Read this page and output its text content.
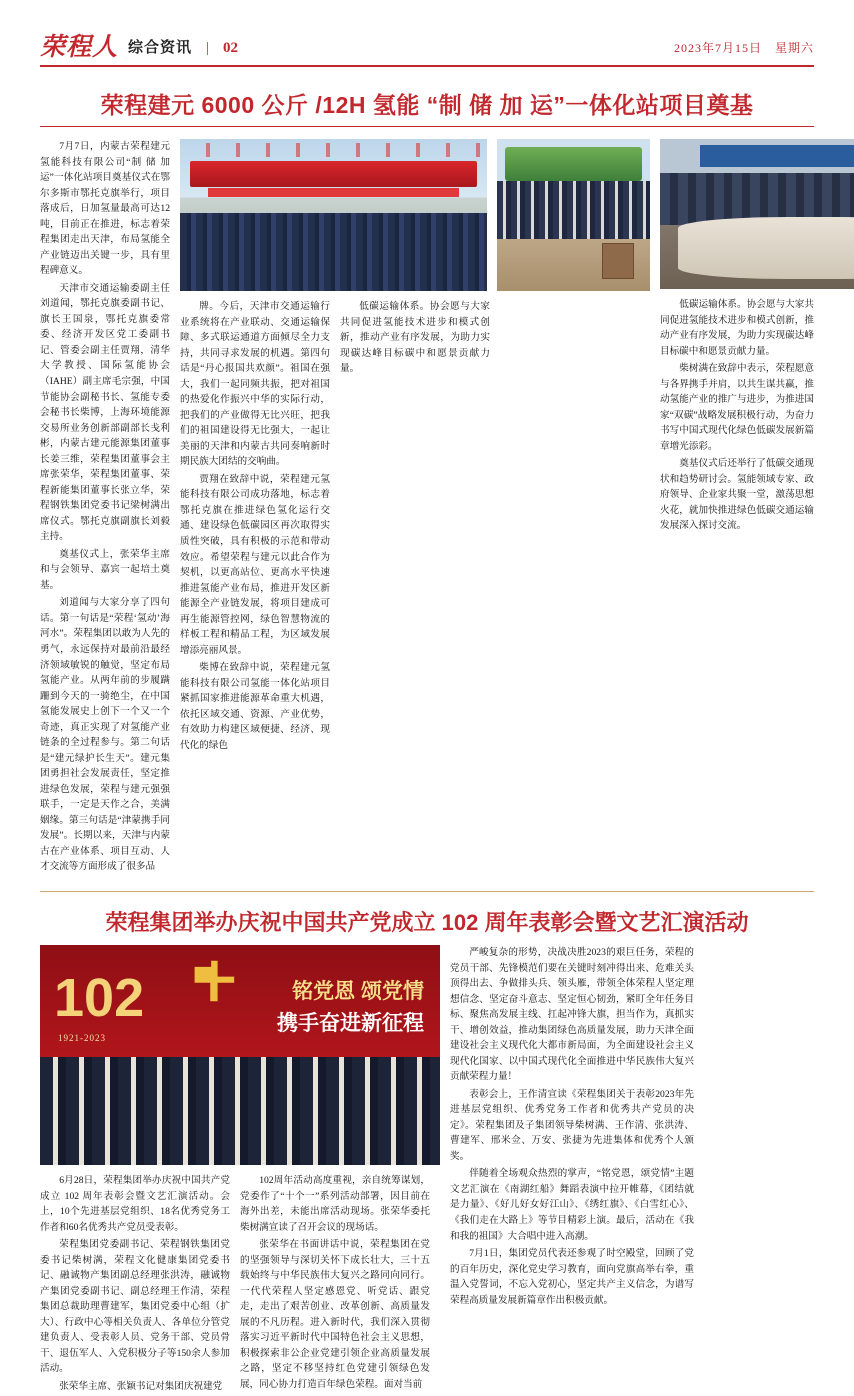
荣程人 综合资讯 | 02	2023年7月15日　星期六
荣程建元 6000 公斤 /12H 氢能 “制 储 加 运”一体化站项目奠基

7月7日，内蒙古荣程建元氢能科技有限公司“制 储 加 运”一体化站项目奠基仪式在鄂尔多斯市鄂托克旗举行，项目落成后，日加氢量最高可达12吨，目前正在推进，标志着荣程集团走出天津，布局氢能全产业链迈出关键一步，具有里程碑意义。

天津市交通运输委副主任刘道闻，鄂托克旗委副书记、旗长王国泉，鄂托克旗委常委、经济开发区党工委副书记、管委会副主任贾翔，清华大学教授、国际氢能协会（IAHE）副主席毛宗强，中国节能协会副秘书长、氢能专委会秘书长柴博，上海环境能源交易所业务创新部副部长戋利彬，内蒙古建元能源集团董事长姜三维，荣程集团董事会主席张荣华，荣程集团董事、荣程新能集团董事长张立华，荣程钢铁集团党委书记梁树满出席仪式。鄂托克旗副旗长刘毅主持。

奠基仪式上，张荣华主席和与会领导、嘉宾一起培土奠基。

刘道闻与大家分享了四句话。第一句话是“荣程‘氢动’海河水”。荣程集团以敢为人先的勇气，永远保持对最前沿最经济领域敏锐的触觉，坚定布局氢能产业。从两年前的步履蹒跚到今天的一骑绝尘，在中国氢能发展史上创下一个又一个奇迹，真正实现了对氢能产业链条的全过程参与。第二句话是“建元绿护长生天”。建元集团勇担社会发展责任，坚定推进绿色发展，荣程与建元强强联手，一定是天作之合，美满姻缘。第三句话是“津蒙携手同发展”。长期以来，天津与内蒙古在产业体系、项目互动、人才交流等方面形成了很多品

牌。今后，天津市交通运输行业系统将在产业联动、交通运输保障、多式联运通道方面倾尽全力支持，共同寻求发展的机遇。第四句话是“丹心报国共欢颜”。祖国在强大，我们一起同频共振，把对祖国的热爱化作振兴中华的实际行动，把我们的产业做得无比兴旺，把我们的祖国建设得无比强大，一起让美丽的天津和内蒙古共同奏响新时期民族大团结的交响曲。

贾翔在致辞中说，荣程建元氢能科技有限公司成功落地，标志着鄂托克旗在推进绿色氢化运行交通、建设绿色低碳园区再次取得实质性突破，具有积极的示范和带动效应。希望荣程与建元以此合作为契机，以更高站位、更高水平快速推进氢能产业布局，推进开发区新能源全产业链发展，将项目建成可再生能源管控网，绿色智慧物流的样板工程和精品工程，为区域发展增添亮丽风景。

柴博在致辞中说，荣程建元氢能科技有限公司氢能一体化站项目紧抓国家推进能源革命重大机遇，依托区域交通、资源、产业优势，有效助力构建区域便捷、经济、现代化的绿色

低碳运输体系。协会愿与大家共同促进氢能技术进步和模式创新，推动产业有序发展，为助力实现碳达峰目标碳中和愿景贡献力量。

低碳运输体系。协会愿与大家共同促进氢能技术进步和模式创新，推动产业有序发展，为助力实现碳达峰目标碳中和愿景贡献力量。

柴树满在致辞中表示，荣程愿意与各界携手并肩，以共生谋共赢，推动氢能产业的推广与进步，为推进国家“双碳”战略发展积极行动，为奋力书写中国式现代化绿色低碳发展新篇章增光添彩。

奠基仪式后还举行了低碳交通现状和趋势研讨会。氢能领域专家、政府领导、企业家共聚一堂，激荡思想火花，就加快推进绿色低碳交通运输发展深入探讨交流。

荣程集团举办庆祝中国共产党成立 102 周年表彰会暨文艺汇演活动
102
1921-2023
铭党恩 颂党情
携手奋进新征程

6月28日，荣程集团举办庆祝中国共产党成立 102 周年表彰会暨文艺汇演活动。会上，10个先进基层党组织、18名优秀党务工作者和60名优秀共产党员受表彰。

荣程集团党委副书记、荣程钢铁集团党委书记柴树满，荣程文化健康集团党委书记、融诚物产集团副总经理张洪涛，融诚物产集团党委副书记、副总经理王作清，荣程集团总裁助理曹建军，集团党委中心组（扩大）、行政中心等相关负责人、各单位分管党建负责人、受表彰人员、党务干部、党员骨干、退伍军人、入党积极分子等150余人参加活动。

张荣华主席、张颖书记对集团庆祝建党

102周年活动高度重视，亲自统筹谋划，党委作了“十个一”系列活动部署，因目前在海外出差，未能出席活动现场。张荣华委托柴树满宣读了召开会议的现场话。

张荣华在书面讲话中说，荣程集团在党的坚强领导与深切关怀下成长壮大，三十五载始终与中华民族伟大复兴之路同向同行。一代代荣程人坚定感恩党、听党话、跟党走，走出了艰苦创业、改革创新、高质量发展的不凡历程。进入新时代，我们深入贯彻落实习近平新时代中国特色社会主义思想，积极探索非公企业党建引领企业高质量发展之路，坚定不移坚持红色党建引领绿色发展，同心协力打造百年绿色荣程。面对当前

严峻复杂的形势，决战决胜2023的艰巨任务，荣程的党员干部、先锋模范们要在关键时刻冲得出来、危难关头顶得出去、争做排头兵、领头雁，带领全体荣程人坚定理想信念、坚定奋斗意志、坚定恒心韧劲，紧盯全年任务目标、聚焦高发展主线、扛起冲锋大旗，担当作为，真抓实干、增创效益，推动集团绿色高质量发展，助力天津全面建设社会主义现代化大都市新局面，为全面建设社会主义现代化国家、以中国式现代化全面推进中华民族伟大复兴贡献荣程力量！

表彰会上，王作清宣读《荣程集团关于表彰2023年先进基层党组织、优秀党务工作者和优秀共产党员的决定》。荣程集团及子集团领导柴树满、王作清、张洪涛、曹建军、邢米佥、万安、张捷为先进集体和优秀个人颁奖。

伴随着全场观众热烈的掌声，“铭党恩，颂党情”主题文艺汇演在《南湖红船》舞蹈表演中拉开帷幕，《团结就是力量》、《好儿好女好江山》、《绣红旗》、《白雪红心》、《我们走在大路上》等节目精彩上演。最后，活动在《我和我的祖国》大合唱中进入高潮。

7月1日，集团党员代表还参观了时空殿堂，回顾了党的百年历史，深化党史学习教育，面向党旗高举右拳，重温入党誓词，不忘入党初心，坚定共产主义信念，为谱写荣程高质量发展新篇章作出积极贡献。
